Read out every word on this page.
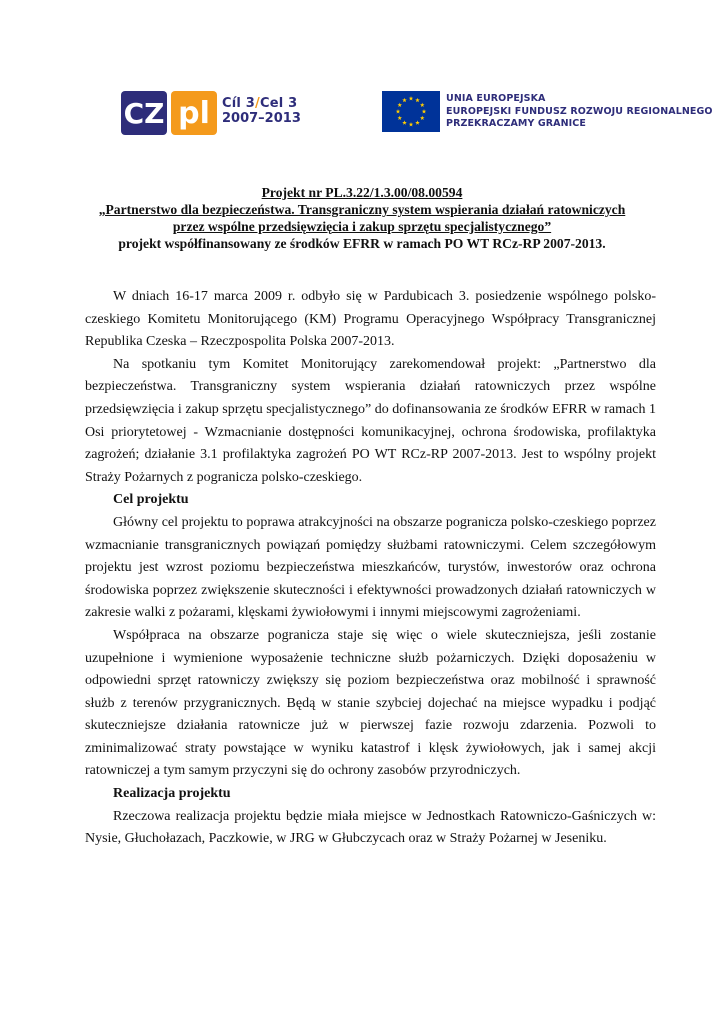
CZ pl Cíl 3/Cel 3
2007–2013
UNIA EUROPEJSKA
EUROPEJSKI FUNDUSZ ROZWOJU REGIONALNEGO
PRZEKRACZAMY GRANICE
Projekt nr PL.3.22/1.3.00/08.00594
„Partnerstwo dla bezpieczeństwa. Transgraniczny system wspierania działań ratowniczych
przez wspólne przedsięwzięcia i zakup sprzętu specjalistycznego”
projekt współfinansowany ze środków EFRR w ramach PO WT RCz-RP 2007-2013.

W dniach 16-17 marca 2009 r. odbyło się w Pardubicach 3. posiedzenie wspólnego polsko-czeskiego Komitetu Monitorującego (KM) Programu Operacyjnego Współpracy Transgranicznej Republika Czeska – Rzeczpospolita Polska 2007-2013.

Na spotkaniu tym Komitet Monitorujący zarekomendował projekt: „Partnerstwo dla bezpieczeństwa. Transgraniczny system wspierania działań ratowniczych przez wspólne przedsięwzięcia i zakup sprzętu specjalistycznego” do dofinansowania ze środków EFRR w ramach 1 Osi priorytetowej - Wzmacnianie dostępności komunikacyjnej, ochrona środowiska, profilaktyka zagrożeń; działanie 3.1 profilaktyka zagrożeń PO WT RCz-RP 2007-2013. Jest to wspólny projekt Straży Pożarnych z pogranicza polsko-czeskiego.

Cel projektu

Główny cel projektu to poprawa atrakcyjności na obszarze pogranicza polsko-czeskiego poprzez wzmacnianie transgranicznych powiązań pomiędzy służbami ratowniczymi. Celem szczegółowym projektu jest wzrost poziomu bezpieczeństwa mieszkańców, turystów, inwestorów oraz ochrona środowiska poprzez zwiększenie skuteczności i efektywności prowadzonych działań ratowniczych w zakresie walki z pożarami, klęskami żywiołowymi i innymi miejscowymi zagrożeniami.

Współpraca na obszarze pogranicza staje się więc o wiele skuteczniejsza, jeśli zostanie uzupełnione i wymienione wyposażenie techniczne służb pożarniczych. Dzięki doposażeniu w odpowiedni sprzęt ratowniczy zwiększy się poziom bezpieczeństwa oraz mobilność i sprawność służb z terenów przygranicznych. Będą w stanie szybciej dojechać na miejsce wypadku i podjąć skuteczniejsze działania ratownicze już w pierwszej fazie rozwoju zdarzenia. Pozwoli to zminimalizować straty powstające w wyniku katastrof i klęsk żywiołowych, jak i samej akcji ratowniczej a tym samym przyczyni się do ochrony zasobów przyrodniczych.

Realizacja projektu

Rzeczowa realizacja projektu będzie miała miejsce w Jednostkach Ratowniczo-Gaśniczych w: Nysie, Głuchołazach, Paczkowie, w JRG w Głubczycach oraz w Straży Pożarnej w Jeseniku.
